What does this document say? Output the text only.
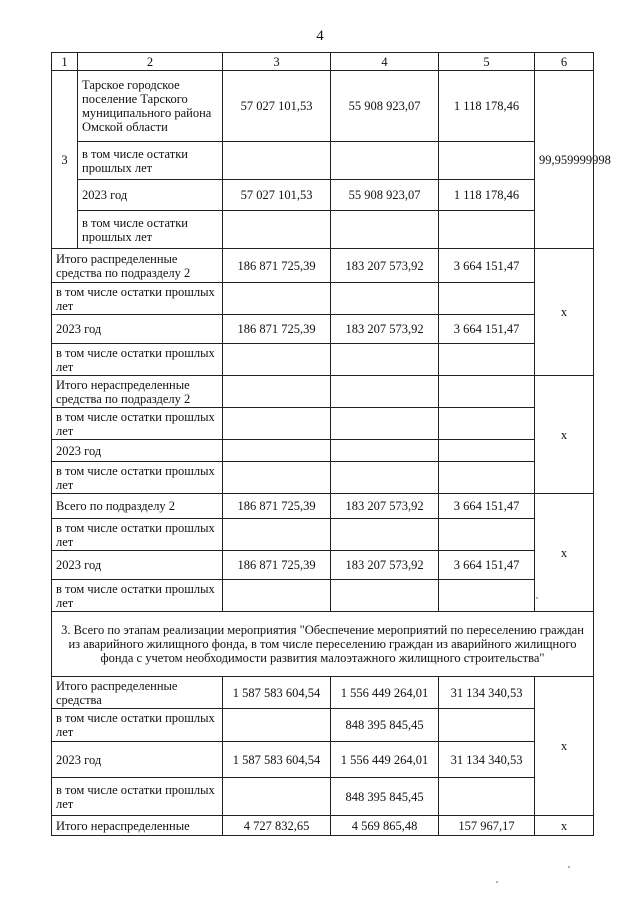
4
1	2	3	4	5	6
3	Тарское городское поселение Тарского муниципального района Омской области	57 027 101,53	55 908 923,07	1 118 178,46	99,959999998
	в том числе остатки прошлых лет				
	2023 год	57 027 101,53	55 908 923,07	1 118 178,46	
	в том числе остатки прошлых лет				
Итого распределенные средства по подразделу 2		186 871 725,39	183 207 573,92	3 664 151,47	x
в том числе остатки прошлых лет					
2023 год		186 871 725,39	183 207 573,92	3 664 151,47	
в том числе остатки прошлых лет					
Итого нераспределенные средства по подразделу 2					x
в том числе остатки прошлых лет					
2023 год					
в том числе остатки прошлых лет					
Всего по подразделу 2		186 871 725,39	183 207 573,92	3 664 151,47	x
в том числе остатки прошлых лет					
2023 год		186 871 725,39	183 207 573,92	3 664 151,47	
в том числе остатки прошлых лет					
3. Всего по этапам реализации мероприятия "Обеспечение мероприятий по переселению граждан из аварийного жилищного фонда, в том числе переселению граждан из аварийного жилищного фонда с учетом необходимости развития малоэтажного жилищного строительства"					
Итого распределенные средства		1 587 583 604,54	1 556 449 264,01	31 134 340,53	x
в том числе остатки прошлых лет			848 395 845,45		
2023 год		1 587 583 604,54	1 556 449 264,01	31 134 340,53	
в том числе остатки прошлых лет			848 395 845,45		
Итого нераспределенные		4 727 832,65	4 569 865,48	157 967,17	x
